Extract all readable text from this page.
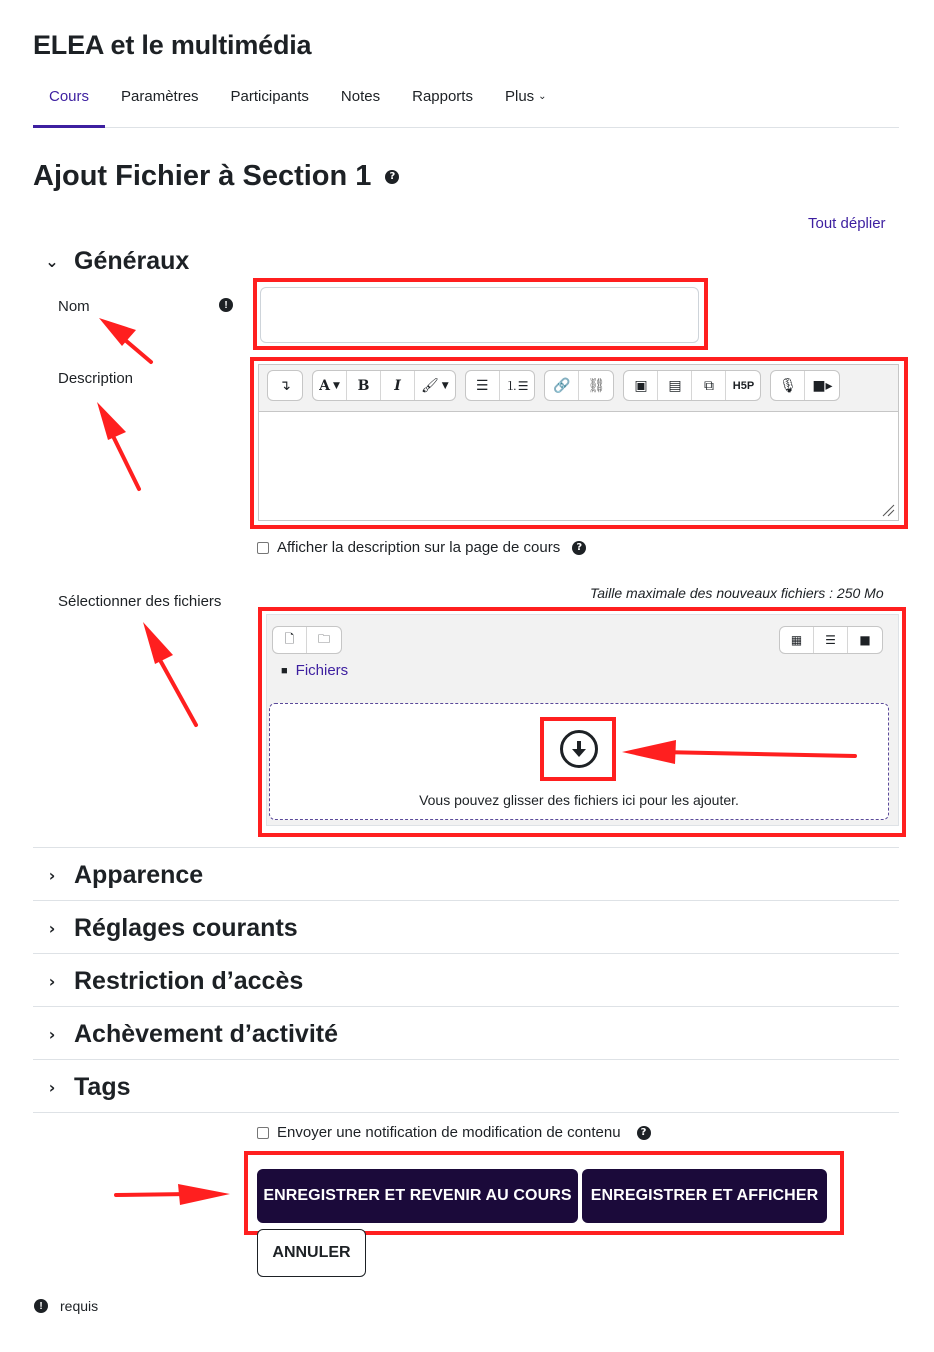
ELEA et le multimédia
Cours	Paramètres	Participants	Notes	Rapports	Plus ⌄
Ajout Fichier à Section 1	?
Tout déplier
⌄ Généraux
Nom	!
Description	↴	A ▼	B	I	🖌 ▼	☰	⒈☰	🔗	⛓	▣	▤	⧉	H5P	🎙	■▸
Afficher la description sur la page de cours	?
Sélectionner des fichiers	Taille maximale des nouveaux fichiers : 250 Mo
🗋	🗀	▦	☰	■
■ Fichiers
Vous pouvez glisser des fichiers ici pour les ajouter.
› Apparence
› Réglages courants
› Restriction d’accès
› Achèvement d’activité
› Tags
Envoyer une notification de modification de contenu	?
ENREGISTRER ET REVENIR AU COURS	ENREGISTRER ET AFFICHER
ANNULER
!	requis
